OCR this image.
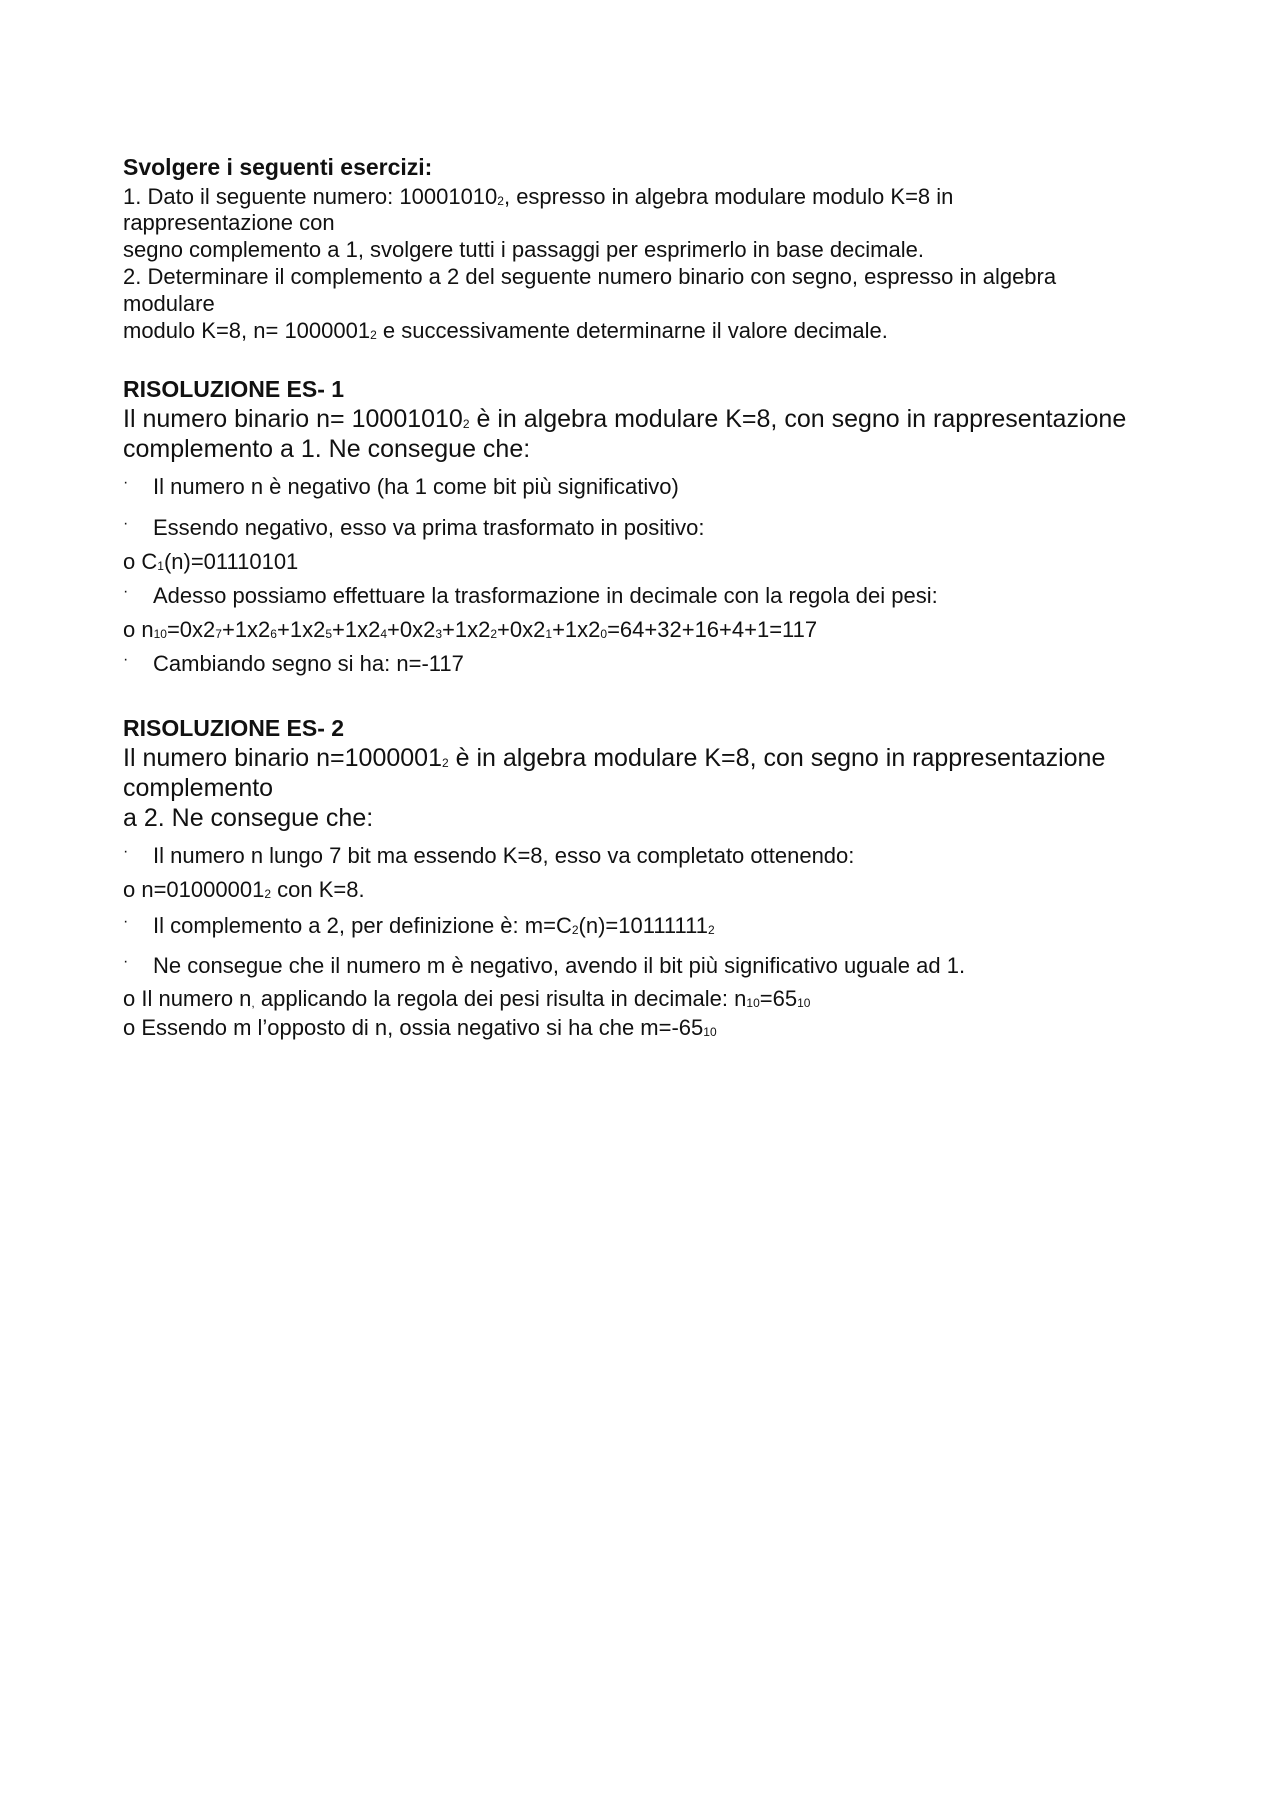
Svolgere i seguenti esercizi:
1. Dato il seguente numero: $10001010_2$, espresso in algebra modulare modulo K=8 in
rappresentazione con
segno complemento a 1, svolgere tutti i passaggi per esprimerlo in base decimale.
2. Determinare il complemento a 2 del seguente numero binario con segno, espresso in algebra
modulare
modulo K=8, $n= 1000001_2$ e successivamente determinarne il valore decimale.
RISOLUZIONE ES- 1
Il numero binario $n= 10001010_2$ è in algebra modulare K=8, con segno in rappresentazione
complemento a 1. Ne consegue che:
· Il numero n è negativo (ha 1 come bit più significativo)
· Essendo negativo, esso va prima trasformato in positivo:
o $C_1(n)=01110101$
· Adesso possiamo effettuare la trasformazione in decimale con la regola dei pesi:
o $n_{10}=0x2_7+1x2_6+1x2_5+1x2_4+0x2_3+1x2_2+0x2_1+1x2_0=64+32+16+4+1=117$
· Cambiando segno si ha: n=-117
RISOLUZIONE ES- 2
Il numero binario $n=1000001_2$ è in algebra modulare K=8, con segno in rappresentazione
complemento
a 2. Ne consegue che:
· Il numero n lungo 7 bit ma essendo K=8, esso va completato ottenendo:
o $n=01000001_2$ con K=8.
· Il complemento a 2, per definizione è: $m=C_2(n)=10111111_2$
· Ne consegue che il numero m è negativo, avendo il bit più significativo uguale ad 1.
o Il numero $n_,$ applicando la regola dei pesi risulta in decimale: $n_{10}=65_{10}$
o Essendo m l’opposto di n, ossia negativo si ha che $m=-65_{10}$
